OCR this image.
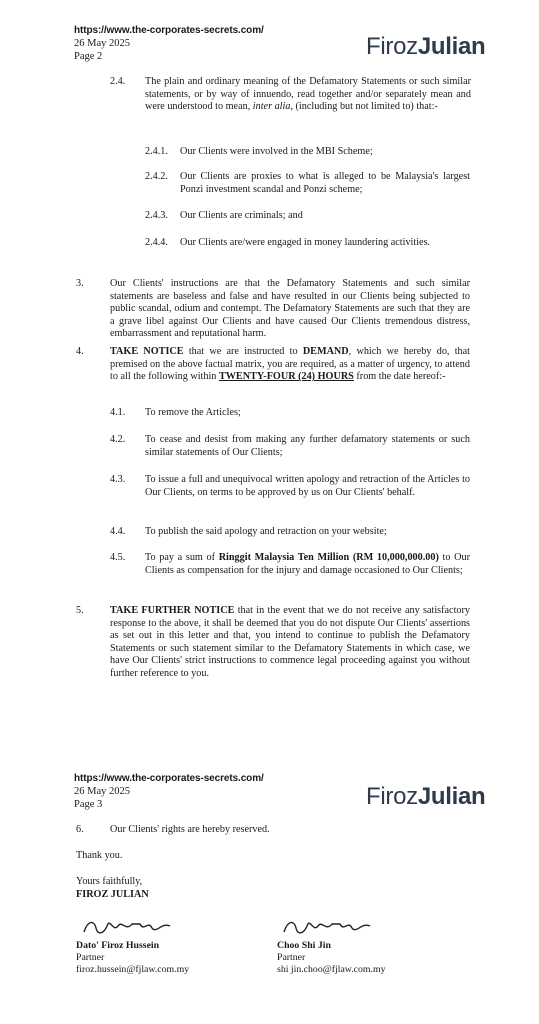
https://www.the-corporates-secrets.com/
26 May 2025
Page 2	FirozJulian
2.4. The plain and ordinary meaning of the Defamatory Statements or such similar statements, or by way of innuendo, read together and/or separately mean and were understood to mean, inter alia, (including but not limited to) that:-
2.4.1. Our Clients were involved in the MBI Scheme;
2.4.2. Our Clients are proxies to what is alleged to be Malaysia's largest Ponzi investment scandal and Ponzi scheme;
2.4.3. Our Clients are criminals; and
2.4.4. Our Clients are/were engaged in money laundering activities.
3.	Our Clients' instructions are that the Defamatory Statements and such similar statements are baseless and false and have resulted in our Clients being subjected to public scandal, odium and contempt. The Defamatory Statements are such that they are a grave libel against Our Clients and have caused Our Clients tremendous distress, embarrassment and reputational harm.
4.	TAKE NOTICE that we are instructed to DEMAND, which we hereby do, that premised on the above factual matrix, you are required, as a matter of urgency, to attend to all the following within TWENTY-FOUR (24) HOURS from the date hereof:-
4.1. To remove the Articles;
4.2. To cease and desist from making any further defamatory statements or such similar statements of Our Clients;
4.3. To issue a full and unequivocal written apology and retraction of the Articles to Our Clients, on terms to be approved by us on Our Clients' behalf.
4.4. To publish the said apology and retraction on your website;
4.5. To pay a sum of Ringgit Malaysia Ten Million (RM 10,000,000.00) to Our Clients as compensation for the injury and damage occasioned to Our Clients;
5.	TAKE FURTHER NOTICE that in the event that we do not receive any satisfactory response to the above, it shall be deemed that you do not dispute Our Clients' assertions as set out in this letter and that, you intend to continue to publish the Defamatory Statements or such statement similar to the Defamatory Statements in which case, we have Our Clients' strict instructions to commence legal proceeding against you without further reference to you.
https://www.the-corporates-secrets.com/
26 May 2025
Page 3	FirozJulian
6.	Our Clients' rights are hereby reserved.
Thank you.
Yours faithfully,
FIROZ JULIAN
Dato' Firoz Hussein
Partner
firoz.hussein@fjlaw.com.my
Choo Shi Jin
Partner
shi jin.choo@fjlaw.com.my
